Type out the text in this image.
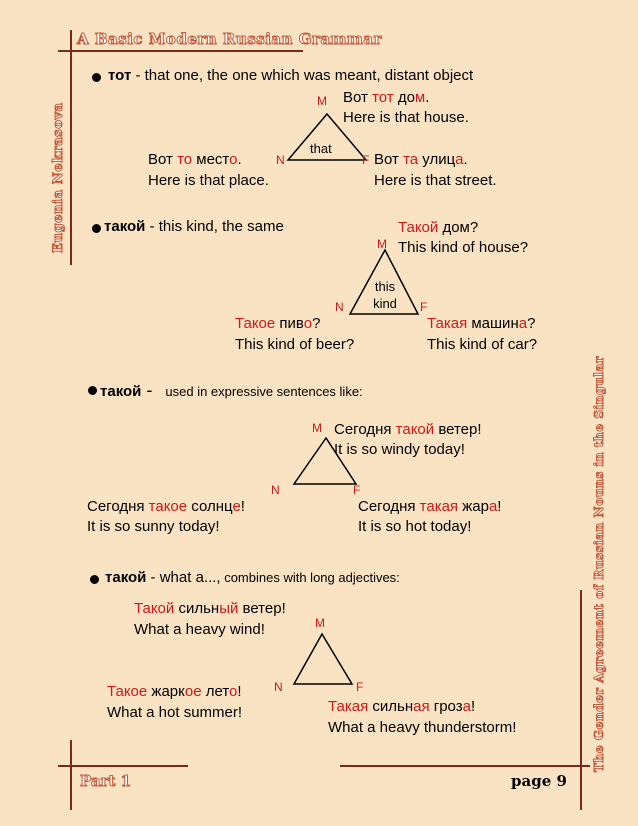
A Basic Modern Russian Grammar
Eugenia Nekrasova
The Gender Agreement of Russian Nouns in the Singular
Part 1	page 9
тот - that one, the one which was meant, distant object
M
N	F
that
Вот тот дом.
Here is that house.
Вот то место.
Here is that place.
Вот та улица.
Here is that street.
такой - this kind, the same
M
N	F
this
kind
Такой дом?
This kind of house?
Такое пиво?
This kind of beer?
Такая машина?
This kind of car?
такой - used in expressive sentences like:
M
N	F
Сегодня такой ветер!
It is so windy today!
Сегодня такое солнце!
It is so sunny today!
Сегодня такая жара!
It is so hot today!
такой - what a..., combines with long adjectives:
M
N	F
Такой сильный ветер!
What a heavy wind!
Такое жаркое лето!
What a hot summer!	Такая сильная гроза!
What a heavy thunderstorm!
